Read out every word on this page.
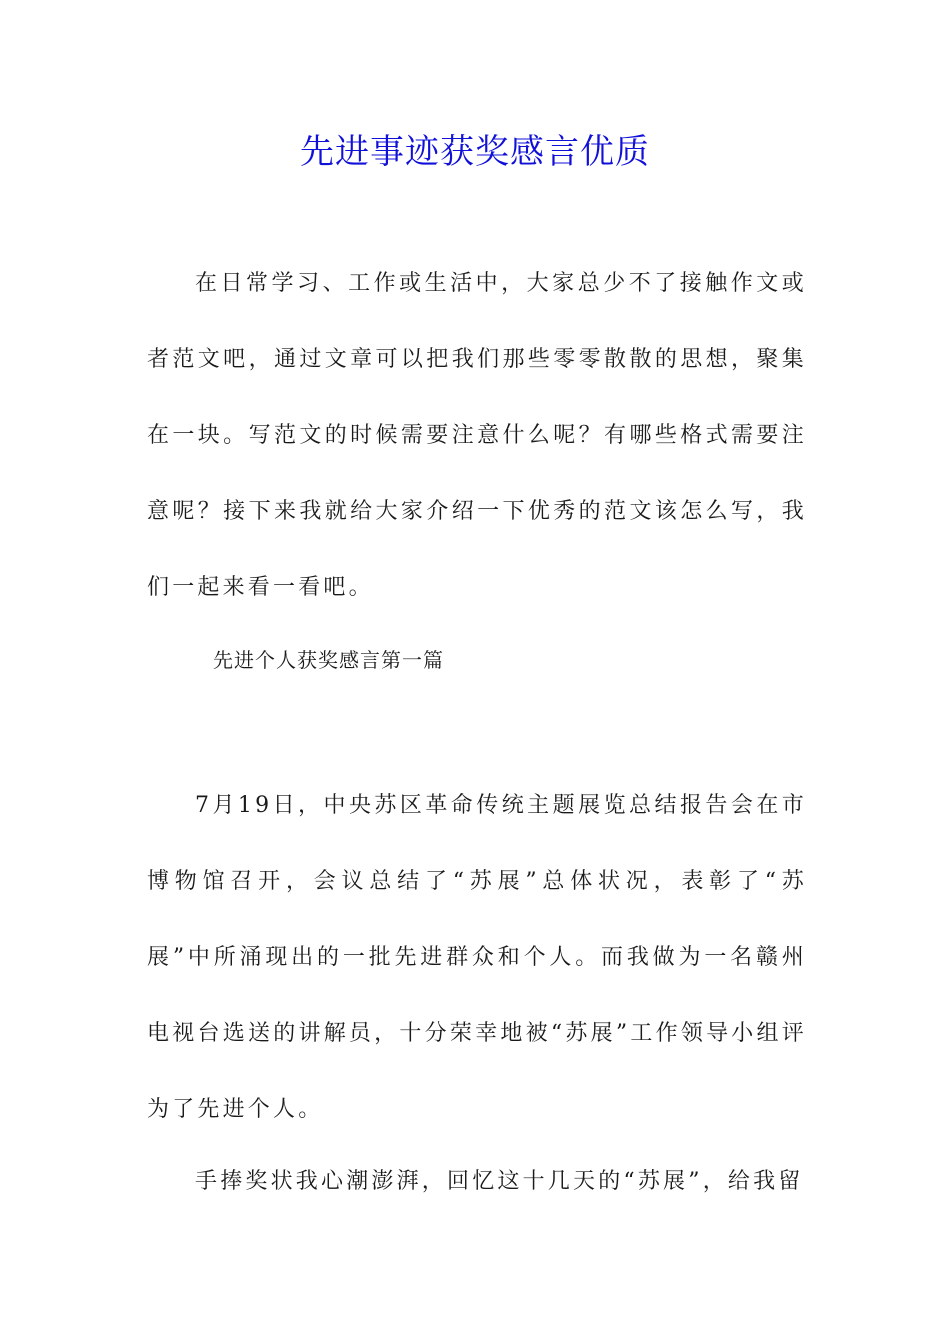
先进事迹获奖感言优质

在日常学习、工作或生活中，大家总少不了接触作文或者范文吧，通过文章可以把我们那些零零散散的思想，聚集在一块。写范文的时候需要注意什么呢？有哪些格式需要注意呢？接下来我就给大家介绍一下优秀的范文该怎么写，我们一起来看一看吧。

先进个人获奖感言第一篇

7月19日，中央苏区革命传统主题展览总结报告会在市博物馆召开，会议总结了“苏展”总体状况，表彰了“苏展”中所涌现出的一批先进群众和个人。而我做为一名赣州电视台选送的讲解员，十分荣幸地被“苏展”工作领导小组评为了先进个人。

手捧奖状我心潮澎湃，回忆这十几天的“苏展”，给我留
